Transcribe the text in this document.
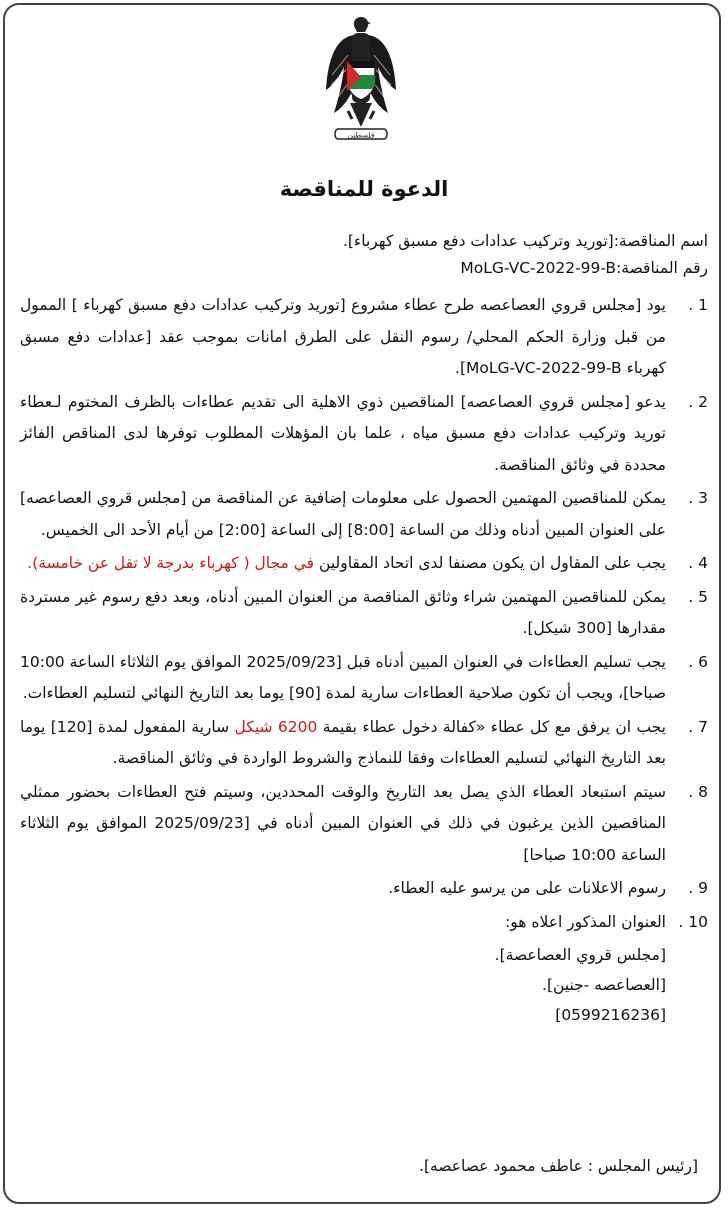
فلسطين
الدعوة للمناقصة
اسم المناقصة:[توريد وتركيب عدادات دفع مسبق كهرباء].
رقم المناقصة:MoLG-VC-2022-99-B
1 .
يود [مجلس قروي العصاعصه طرح عطاء مشروع [توريد وتركيب عدادات دفع مسبق كهرباء ] الممول من قبل وزارة الحكم المحلي/ رسوم النقل على الطرق امانات بموجب عقد [عدادات دفع مسبق كهرباء MoLG-VC-2022-99-B].
2 .
يدعو [مجلس قروي العصاعصه] المناقصين ذوي الاهلية الى تقديم عطاءات بالظرف المختوم لـعطاء توريد وتركيب عدادات دفع مسبق مياه ، علما بان المؤهلات المطلوب توفرها لدى المناقص الفائز محددة في وثائق المناقصة.
3 .
يمكن للمناقصين المهتمين الحصول على معلومات إضافية عن المناقصة من [مجلس قروي العصاعصه] على العنوان المبين أدناه وذلك من الساعة [8:00] إلى الساعة [2:00] من أيام الأحد الى الخميس.
4 .
يجب على المقاول ان يكون مصنفا لدى اتحاد المقاولين في مجال ( كهرباء بدرجة لا تقل عن خامسة).
5 .
يمكن للمناقصين المهتمين شراء وثائق المناقصة من العنوان المبين أدناه، وبعد دفع رسوم غير مستردة مقدارها [300 شيكل].
6 .
يجب تسليم العطاءات في العنوان المبين أدناه قبل [2025/09/23 الموافق يوم الثلاثاء الساعة 10:00 صباحا]، ويجب أن تكون صلاحية العطاءات سارية لمدة [90] يوما بعد التاريخ النهائي لتسليم العطاءات.
7 .
يجب ان يرفق مع كل عطاء «كفالة دخول عطاء بقيمة 6200 شيكل سارية المفعول لمدة [120] يوما بعد التاريخ النهائي لتسليم العطاءات وفقا للنماذج والشروط الواردة في وثائق المناقصة.
8 .
سيتم استبعاد العطاء الذي يصل بعد التاريخ والوقت المحددين، وسيتم فتح العطاءات بحضور ممثلي المناقصين الذين يرغبون في ذلك في العنوان المبين أدناه في [2025/09/23 الموافق يوم الثلاثاء الساعة 10:00 صباحا]
9 .
رسوم الاعلانات على من يرسو عليه العطاء.
10 .
العنوان المذكور اعلاه هو:
[مجلس قروي العصاعصة].
[العصاعصه -جنين].
[0599216236]
[رئيس المجلس : عاطف محمود عصاعصه].
